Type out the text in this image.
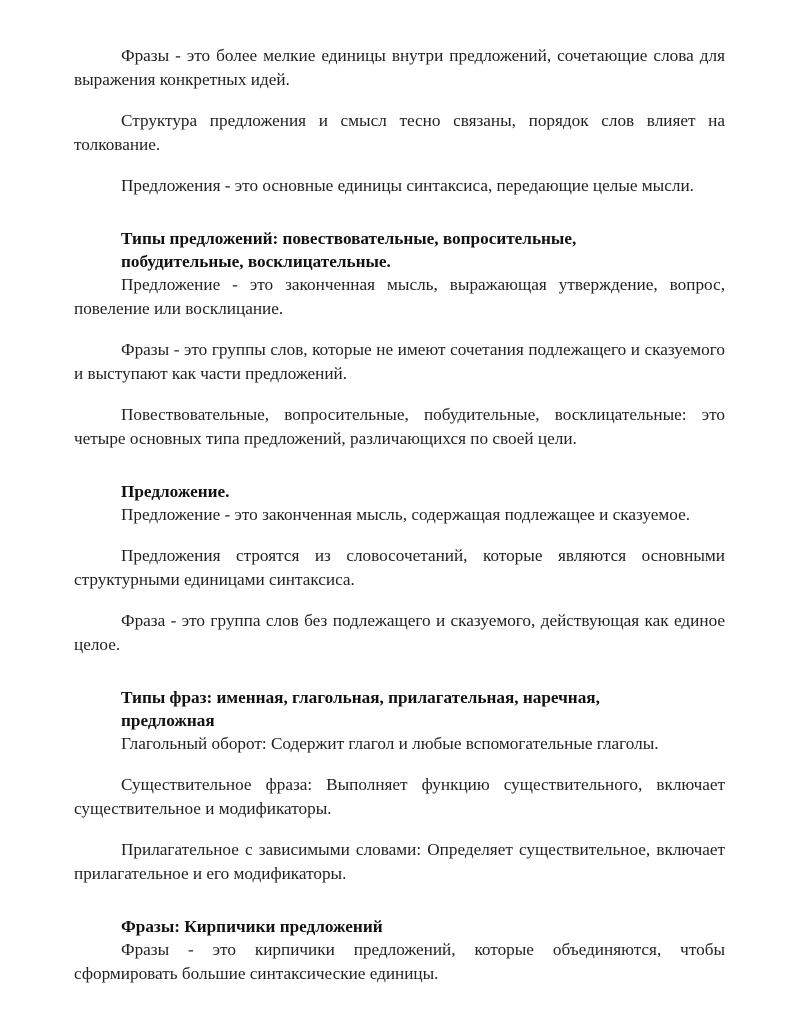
Фразы - это более мелкие единицы внутри предложений, сочетающие слова для выражения конкретных идей.

Структура предложения и смысл тесно связаны, порядок слов влияет на толкование.

Предложения - это основные единицы синтаксиса, передающие целые мысли.

Типы предложений: повествовательные, вопросительные, побудительные, восклицательные.

Предложение - это законченная мысль, выражающая утверждение, вопрос, повеление или восклицание.

Фразы - это группы слов, которые не имеют сочетания подлежащего и сказуемого и выступают как части предложений.

Повествовательные, вопросительные, побудительные, восклицательные: это четыре основных типа предложений, различающихся по своей цели.

Предложение.

Предложение - это законченная мысль, содержащая подлежащее и сказуемое.

Предложения строятся из словосочетаний, которые являются основными структурными единицами синтаксиса.

Фраза - это группа слов без подлежащего и сказуемого, действующая как единое целое.

Типы фраз: именная, глагольная, прилагательная, наречная, предложная

Глагольный оборот: Содержит глагол и любые вспомогательные глаголы.

Существительное фраза: Выполняет функцию существительного, включает существительное и модификаторы.

Прилагательное с зависимыми словами: Определяет существительное, включает прилагательное и его модификаторы.

Фразы: Кирпичики предложений

Фразы - это кирпичики предложений, которые объединяются, чтобы сформировать большие синтаксические единицы.
